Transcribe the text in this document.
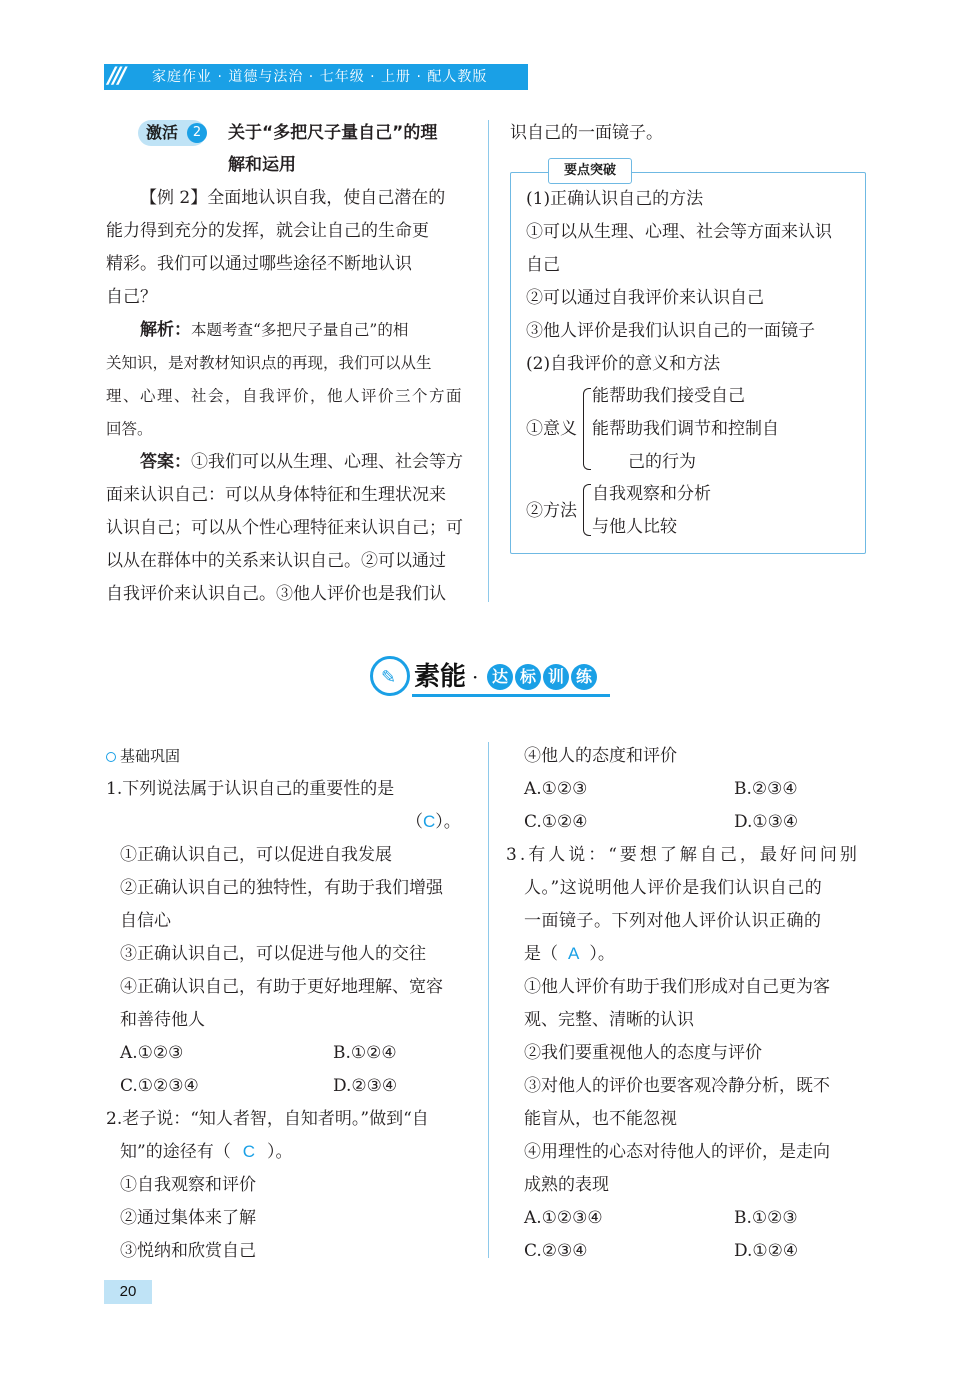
/// 家庭作业 · 道德与法治 · 七年级 · 上册 · 配人教版
激活	2	关于“多把尺子量自己”的理
解和运用
【例 2】全面地认识自我，使自己潜在的
能力得到充分的发挥，就会让自己的生命更
精彩。我们可以通过哪些途径不断地认识
自己？
解析：本题考查“多把尺子量自己”的相
关知识，是对教材知识点的再现，我们可以从生
理、心理、社会，自我评价，他人评价三个方面
回答。
答案：①我们可以从生理、心理、社会等方
面来认识自己：可以从身体特征和生理状况来
认识自己；可以从个性心理特征来认识自己；可
以从在群体中的关系来认识自己。②可以通过
自我评价来认识自己。③他人评价也是我们认
识自己的一面镜子。
要点突破
(1)正确认识自己的方法
①可以从生理、心理、社会等方面来认识
自己
②可以通过自我评价来认识自己
③他人评价是我们认识自己的一面镜子
(2)自我评价的意义和方法
①意义
能帮助我们接受自己
能帮助我们调节和控制自
己的行为
②方法
自我观察和分析
与他人比较
✎ 素能 · 达 标 训 练
基础巩固
1.下列说法属于认识自己的重要性的是
（C）。
①正确认识自己，可以促进自我发展
②正确认识自己的独特性，有助于我们增强
自信心
③正确认识自己，可以促进与他人的交往
④正确认识自己，有助于更好地理解、宽容
和善待他人
A.①②③	B.①②④
C.①②③④	D.②③④
2.老子说：“知人者智，自知者明。”做到“自
知”的途径有（ C ）。
①自我观察和评价
②通过集体来了解
③悦纳和欣赏自己
④他人的态度和评价
A.①②③	B.②③④
C.①②④	D.①③④
3.有人说：“要想了解自己，最好问问别
人。”这说明他人评价是我们认识自己的
一面镜子。下列对他人评价认识正确的
是（ A ）。
①他人评价有助于我们形成对自己更为客
观、完整、清晰的认识
②我们要重视他人的态度与评价
③对他人的评价也要客观冷静分析，既不
能盲从，也不能忽视
④用理性的心态对待他人的评价，是走向
成熟的表现
A.①②③④	B.①②③
C.②③④	D.①②④
20
